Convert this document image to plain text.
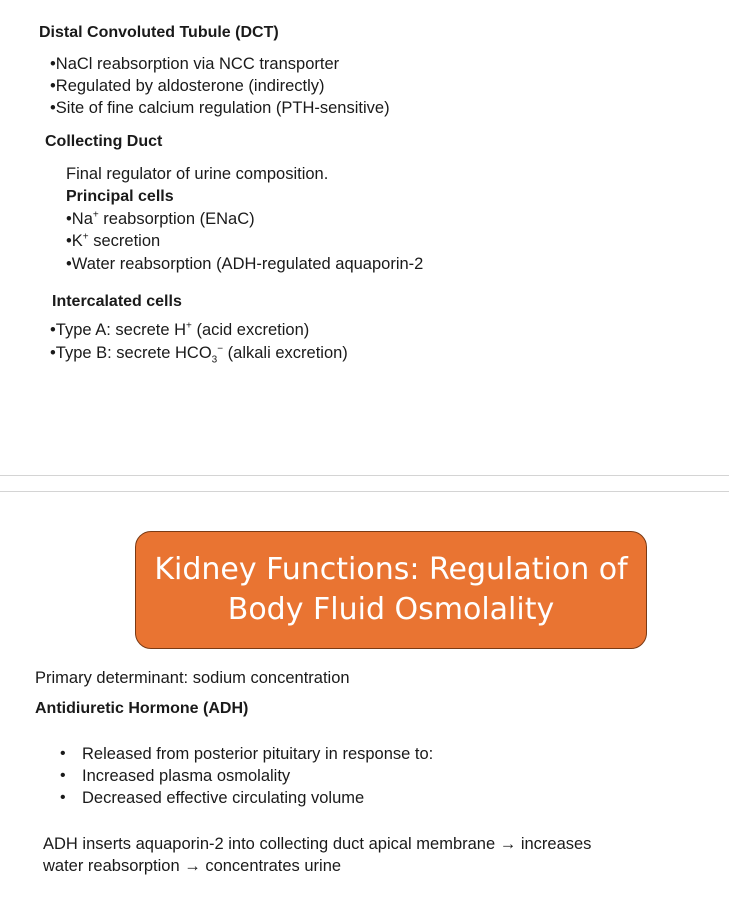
Distal Convoluted Tubule (DCT)
•NaCl reabsorption via NCC transporter
•Regulated by aldosterone (indirectly)
•Site of fine calcium regulation (PTH-sensitive)
Collecting Duct
Final regulator of urine composition.
Principal cells
•Na+ reabsorption (ENaC)
•K+ secretion
•Water reabsorption (ADH-regulated aquaporin-2
Intercalated cells
•Type A: secrete H+ (acid excretion)
•Type B: secrete $HCO_3^-$ (alkali excretion)
Kidney Functions: Regulation of
Body Fluid Osmolality
Primary determinant: sodium concentration
Antidiuretic Hormone (ADH)
• Released from posterior pituitary in response to:
• Increased plasma osmolality
• Decreased effective circulating volume
ADH inserts aquaporin-2 into collecting duct apical membrane → increases
water reabsorption → concentrates urine
